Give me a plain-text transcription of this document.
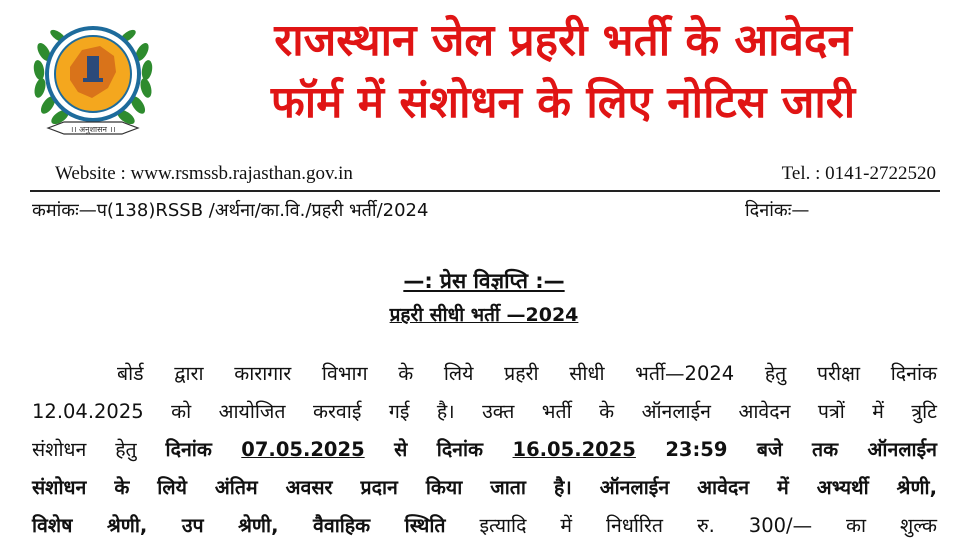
।। अनुशासन ।।
राजस्थान जेल प्रहरी भर्ती के आवेदन
फॉर्म में संशोधन के लिए नोटिस जारी
Website : www.rsmssb.rajasthan.gov.in	Tel. : 0141-2722520
कमांकः—प(138)RSSB /अर्थना/का.वि./प्रहरी भर्ती/2024	दिनांकः—
—: प्रेस विज्ञप्ति :—
प्रहरी सीधी भर्ती —2024
बोर्ड द्वारा कारागार विभाग के लिये प्रहरी सीधी भर्ती—2024 हेतु परीक्षा दिनांक
12.04.2025 को आयोजित करवाई गई है। उक्त भर्ती के ऑनलाईन आवेदन पत्रों में त्रुटि
संशोधन हेतु दिनांक 07.05.2025 से दिनांक 16.05.2025 23:59 बजे तक ऑनलाईन
संशोधन के लिये अंतिम अवसर प्रदान किया जाता है। ऑनलाईन आवेदन में अभ्यर्थी श्रेणी,
विशेष श्रेणी, उप श्रेणी, वैवाहिक स्थिति इत्यादि में निर्धारित रु. 300/— का शुल्क
